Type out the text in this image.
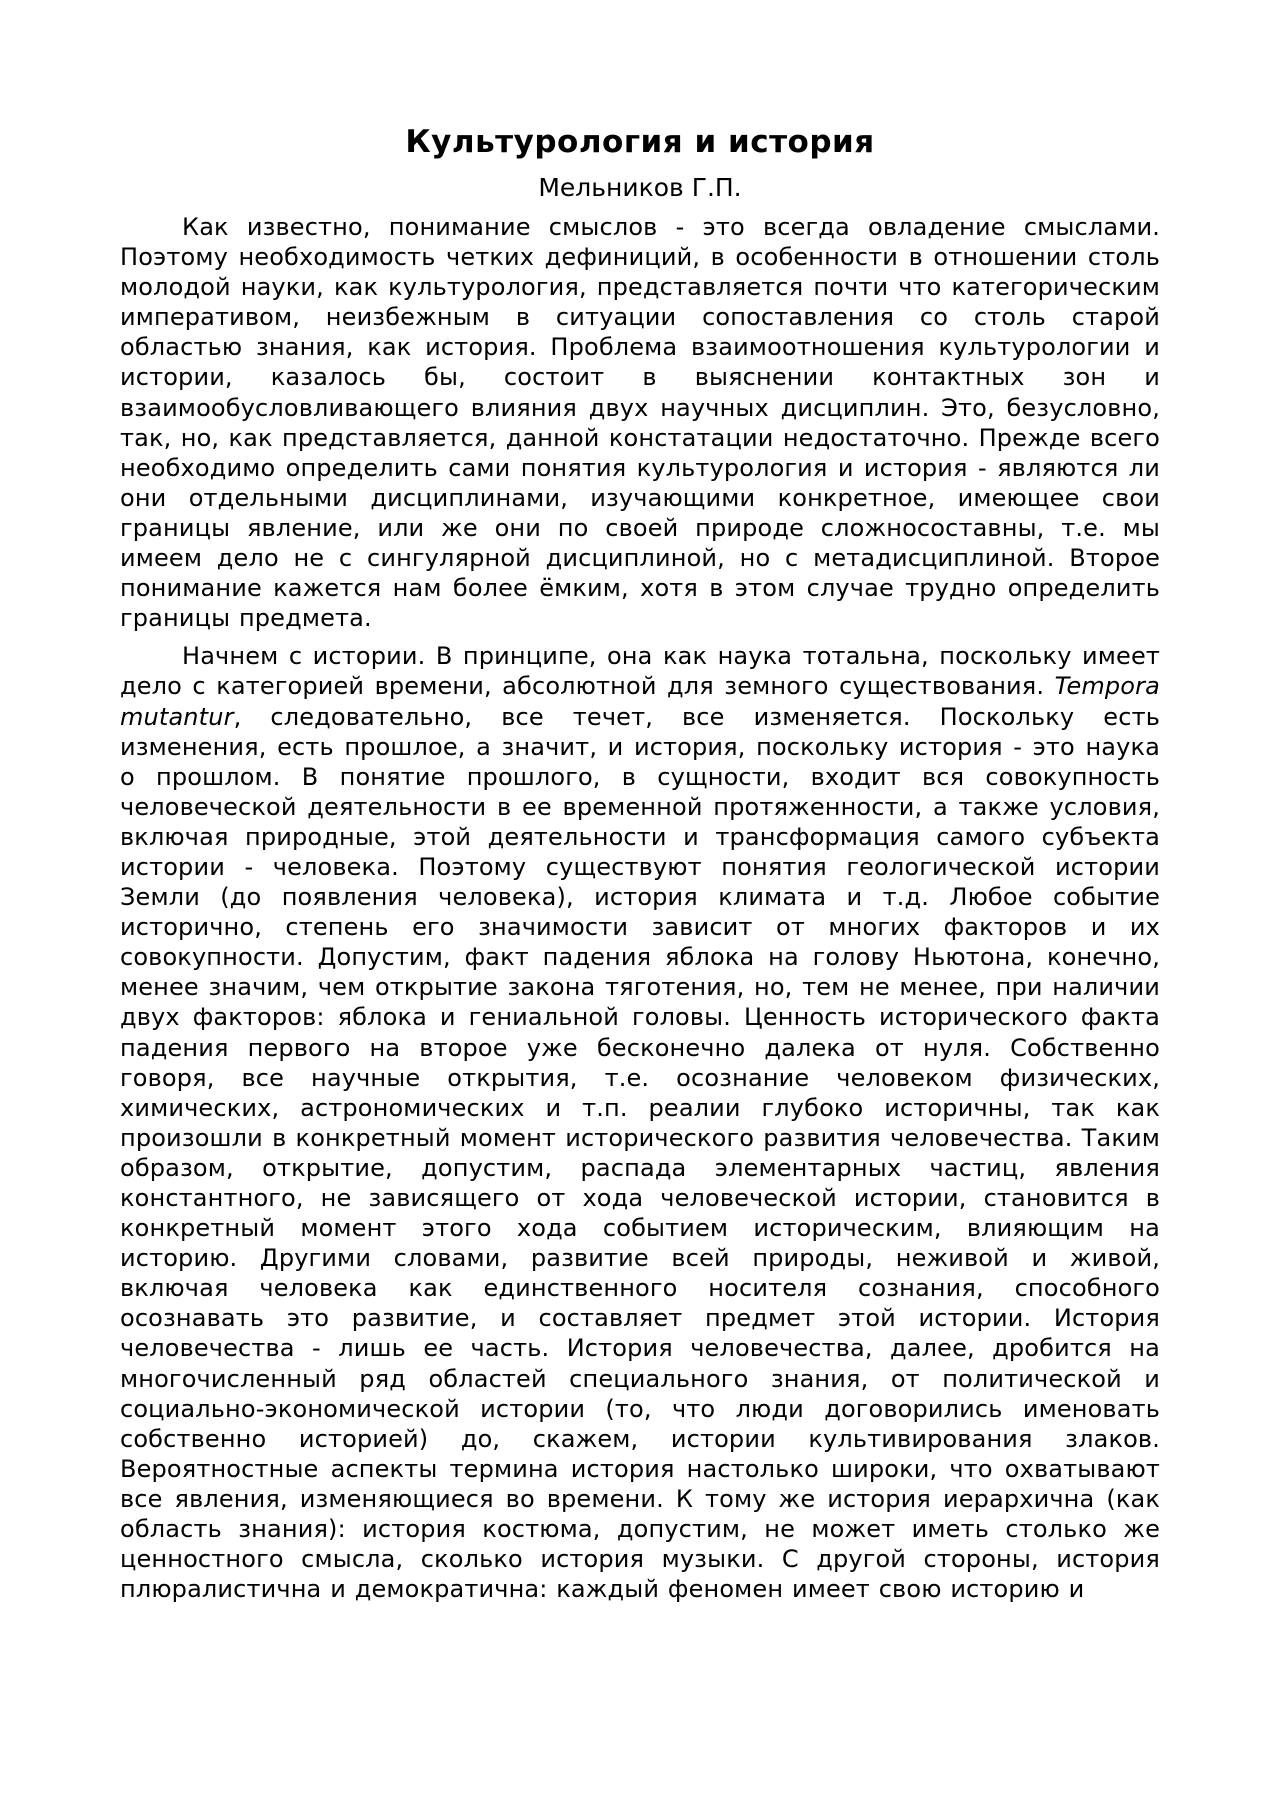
Культурология и история
Мельников Г.П.

Как известно, понимание смыслов - это всегда овладение смыслами. Поэтому необходимость четких дефиниций, в особенности в отношении столь молодой науки, как культурология, представляется почти что категорическим императивом, неизбежным в ситуации сопоставления со столь старой областью знания, как история. Проблема взаимоотношения культурологии и истории, казалось бы, состоит в выяснении контактных зон и взаимообусловливающего влияния двух научных дисциплин. Это, безусловно, так, но, как представляется, данной констатации недостаточно. Прежде всего необходимо определить сами понятия культурология и история - являются ли они отдельными дисциплинами, изучающими конкретное, имеющее свои границы явление, или же они по своей природе сложносоставны, т.е. мы имеем дело не с сингулярной дисциплиной, но с метадисциплиной. Второе понимание кажется нам более ёмким, хотя в этом случае трудно определить границы предмета.

Начнем с истории. В принципе, она как наука тотальна, поскольку имеет дело с категорией времени, абсолютной для земного существования. Tempora mutantur, следовательно, все течет, все изменяется. Поскольку есть изменения, есть прошлое, а значит, и история, поскольку история - это наука о прошлом. В понятие прошлого, в сущности, входит вся совокупность человеческой деятельности в ее временной протяженности, а также условия, включая природные, этой деятельности и трансформация самого субъекта истории - человека. Поэтому существуют понятия геологической истории Земли (до появления человека), история климата и т.д. Любое событие исторично, степень его значимости зависит от многих факторов и их совокупности. Допустим, факт падения яблока на голову Ньютона, конечно, менее значим, чем открытие закона тяготения, но, тем не менее, при наличии двух факторов: яблока и гениальной головы. Ценность исторического факта падения первого на второе уже бесконечно далека от нуля. Собственно говоря, все научные открытия, т.е. осознание человеком физических, химических, астрономических и т.п. реалии глубоко историчны, так как произошли в конкретный момент исторического развития человечества. Таким образом, открытие, допустим, распада элементарных частиц, явления константного, не зависящего от хода человеческой истории, становится в конкретный момент этого хода событием историческим, влияющим на историю. Другими словами, развитие всей природы, неживой и живой, включая человека как единственного носителя сознания, способного осознавать это развитие, и составляет предмет этой истории. История человечества - лишь ее часть. История человечества, далее, дробится на многочисленный ряд областей специального знания, от политической и социально-экономической истории (то, что люди договорились именовать собственно историей) до, скажем, истории культивирования злаков. Вероятностные аспекты термина история настолько широки, что охватывают все явления, изменяющиеся во времени. К тому же история иерархична (как область знания): история костюма, допустим, не может иметь столько же ценностного смысла, сколько история музыки. С другой стороны, история плюралистична и демократична: каждый феномен имеет свою историю и
